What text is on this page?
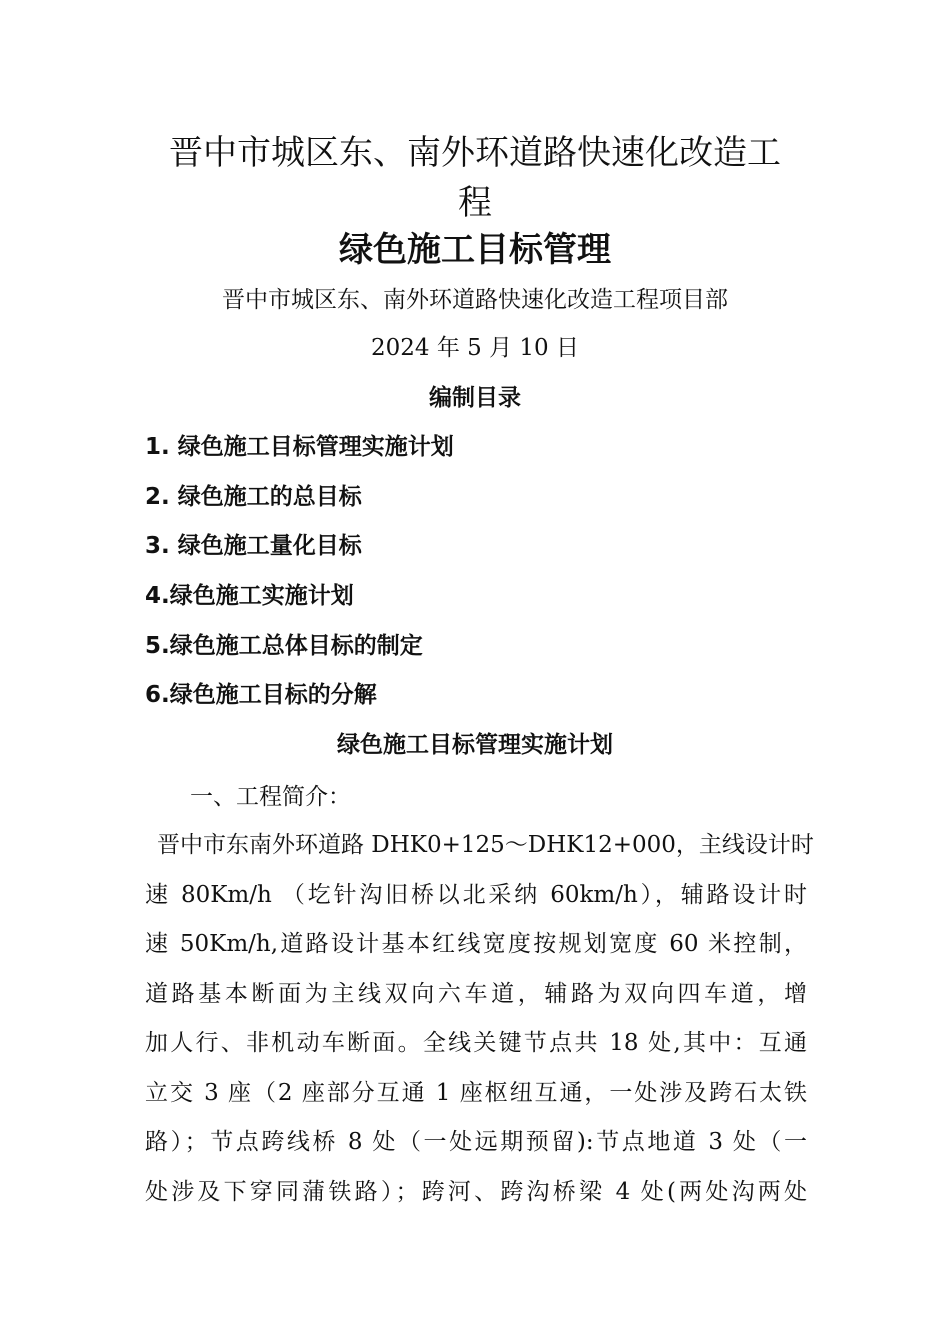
晋中市城区东、南外环道路快速化改造工
程
绿色施工目标管理
晋中市城区东、南外环道路快速化改造工程项目部
2024 年 5 月 10 日
编制目录
1. 绿色施工目标管理实施计划
2. 绿色施工的总目标
3. 绿色施工量化目标
4.绿色施工实施计划
5.绿色施工总体目标的制定
6.绿色施工目标的分解
绿色施工目标管理实施计划
一、工程简介：
晋中市东南外环道路 DHK0+125～DHK12+000，主线设计时
速 80Km/h （圪针沟旧桥以北采纳 60km/h），辅路设计时
速 50Km/h,道路设计基本红线宽度按规划宽度 60 米控制，
道路基本断面为主线双向六车道，辅路为双向四车道，增
加人行、非机动车断面。全线关键节点共 18 处,其中：互通
立交 3 座（2 座部分互通 1 座枢纽互通，一处涉及跨石太铁
路）；节点跨线桥 8 处（一处远期预留):节点地道 3 处（一
处涉及下穿同蒲铁路）；跨河、跨沟桥梁 4 处(两处沟两处
